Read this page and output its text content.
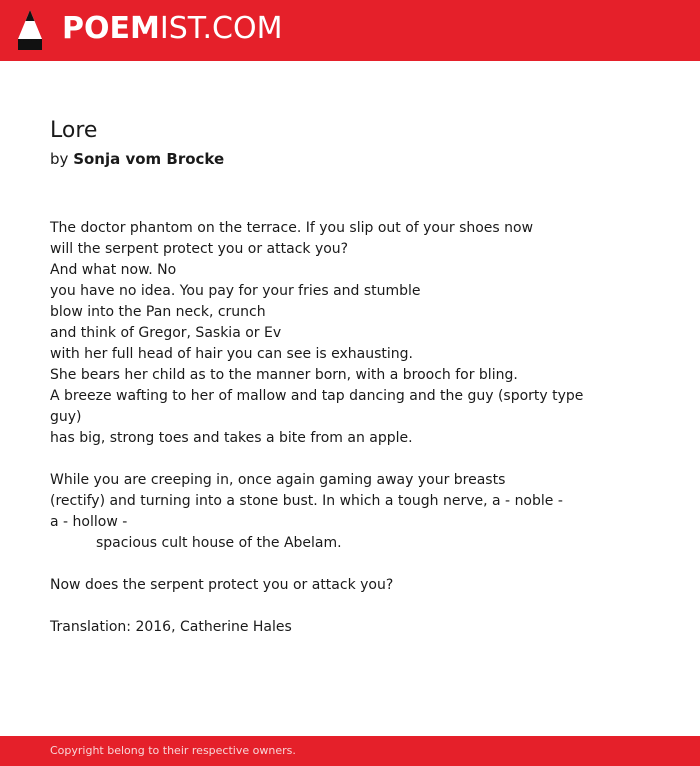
POEMIST.COM
Lore

by Sonja vom Brocke

The doctor phantom on the terrace. If you slip out of your shoes now
will the serpent protect you or attack you?
And what now. No
you have no idea. You pay for your fries and stumble
blow into the Pan neck, crunch
and think of Gregor, Saskia or Ev
with her full head of hair you can see is exhausting.
She bears her child as to the manner born, with a brooch for bling.
A breeze wafting to her of mallow and tap dancing and the guy (sporty type guy)
has big, strong toes and takes a bite from an apple.
While you are creeping in, once again gaming away your breasts
(rectify) and turning into a stone bust. In which a tough nerve, a - noble -
a - hollow -
spacious cult house of the Abelam.
Now does the serpent protect you or attack you?
Translation: 2016, Catherine Hales
Copyright belong to their respective owners.
